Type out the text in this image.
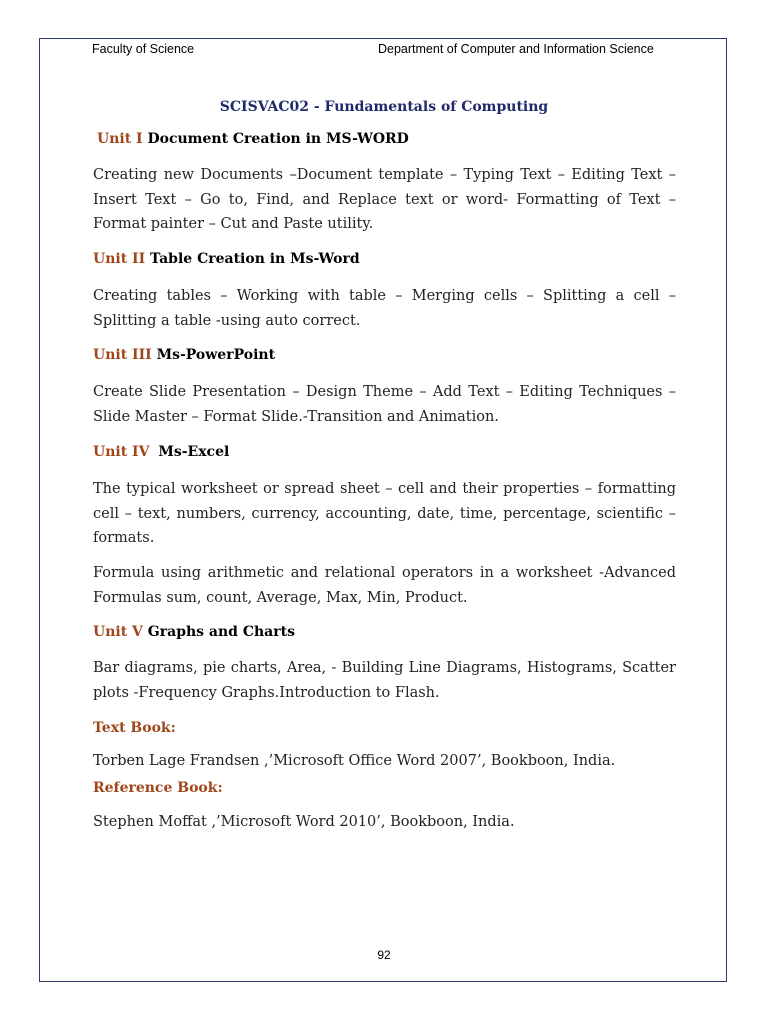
Faculty of Science	Department of Computer and Information Science
SCISVAC02 - Fundamentals of Computing
Unit I Document Creation in MS-WORD

Creating new Documents –Document template – Typing Text – Editing Text – Insert Text – Go to, Find, and Replace text or word- Formatting of Text – Format painter – Cut and Paste utility.

Unit II Table Creation in Ms-Word

Creating tables – Working with table – Merging cells – Splitting a cell – Splitting a table -using auto correct.

Unit III Ms-PowerPoint

Create Slide Presentation – Design Theme – Add Text – Editing Techniques – Slide Master – Format Slide.-Transition and Animation.

Unit IV Ms-Excel

The typical worksheet or spread sheet – cell and their properties – formatting cell – text, numbers, currency, accounting, date, time, percentage, scientific – formats.

Formula using arithmetic and relational operators in a worksheet -Advanced Formulas sum, count, Average, Max, Min, Product.

Unit V Graphs and Charts

Bar diagrams, pie charts, Area, - Building Line Diagrams, Histograms, Scatter plots -Frequency Graphs.Introduction to Flash.

Text Book:

Torben Lage Frandsen ,’Microsoft Office Word 2007’, Bookboon, India.

Reference Book:

Stephen Moffat ,’Microsoft Word 2010’, Bookboon, India.

92
